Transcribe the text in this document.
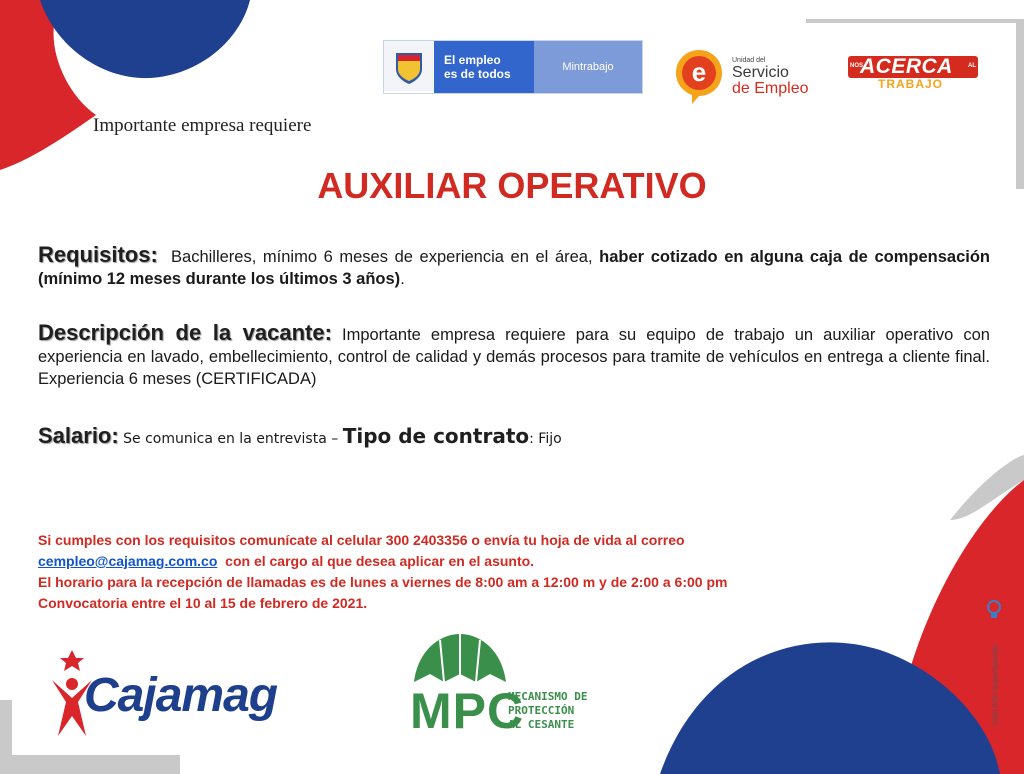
El empleo
es de todos	Mintrabajo	e	Unidad del
Servicio
de Empleo
NOS
ACERCA	AL
TRABAJO
Importante empresa requiere
AUXILIAR OPERATIVO
Requisitos: Bachilleres, mínimo 6 meses de experiencia en el área, haber cotizado en alguna caja de compensación (mínimo 12 meses durante los últimos 3 años).
Descripción de la vacante: Importante empresa requiere para su equipo de trabajo un auxiliar operativo con experiencia en lavado, embellecimiento, control de calidad y demás procesos para tramite de vehículos en entrega a cliente final. Experiencia 6 meses (CERTIFICADA)
Salario: Se comunica en la entrevista – Tipo de contrato: Fijo
Si cumples con los requisitos comunícate al celular 300 2403356 o envía tu hoja de vida al correo
cempleo@cajamag.com.co con el cargo al que desea aplicar en el asunto.
El horario para la recepción de llamadas es de lunes a viernes de 8:00 am a 12:00 m y de 2:00 a 6:00 pm
Convocatoria entre el 10 al 15 de febrero de 2021.
Cajamag	MPC
MECANISMO DE
PROTECCIÓN
AL CESANTE	VIGILADO SuperSubsidio
